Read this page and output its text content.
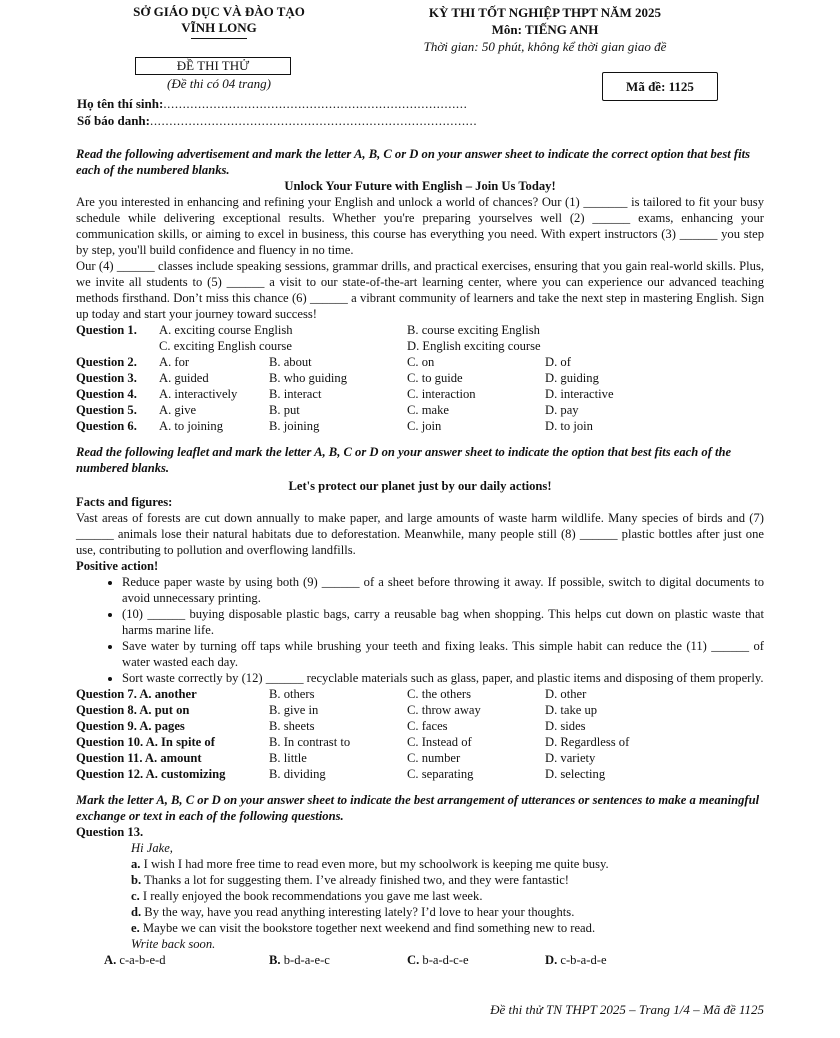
SỞ GIÁO DỤC VÀ ĐÀO TẠO
VĨNH LONG
KỲ THI TỐT NGHIỆP THPT NĂM 2025
Môn: TIẾNG ANH
Thời gian: 50 phút, không kể thời gian giao đề
ĐỀ THI THỬ
(Đề thi có 04 trang)	Mã đề: 1125
Họ tên thí sinh:...............................................................................
Số báo danh:.....................................................................................
Read the following advertisement and mark the letter A, B, C or D on your answer sheet to indicate the correct option that best fits each of the numbered blanks.
Unlock Your Future with English – Join Us Today!

Are you interested in enhancing and refining your English and unlock a world of chances? Our (1) _______ is tailored to fit your busy schedule while delivering exceptional results. Whether you're preparing yourselves well (2) ______ exams, enhancing your communication skills, or aiming to excel in business, this course has everything you need. With expert instructors (3) ______ you step by step, you'll build confidence and fluency in no time.

Our (4) ______ classes include speaking sessions, grammar drills, and practical exercises, ensuring that you gain real-world skills. Plus, we invite all students to (5) ______ a visit to our state-of-the-art learning center, where you can experience our advanced teaching methods firsthand. Don’t miss this chance (6) ______ a vibrant community of learners and take the next step in mastering English. Sign up today and start your journey toward success!

Question 1.	A. exciting course English	B. course exciting English
C. exciting English course	D. English exciting course
Question 2.	A. for	B. about	C. on	D. of
Question 3.	A. guided	B. who guiding	C. to guide	D. guiding
Question 4.	A. interactively	B. interact	C. interaction	D. interactive
Question 5.	A. give	B. put	C. make	D. pay
Question 6.	A. to joining	B. joining	C. join	D. to join
Read the following leaflet and mark the letter A, B, C or D on your answer sheet to indicate the option that best fits each of the numbered blanks.
Let's protect our planet just by our daily actions!
Facts and figures:

Vast areas of forests are cut down annually to make paper, and large amounts of waste harm wildlife. Many species of birds and (7) ______ animals lose their natural habitats due to deforestation. Meanwhile, many people still (8) ______ plastic bottles after just one use, contributing to pollution and overflowing landfills.

Positive action!
• Reduce paper waste by using both (9) ______ of a sheet before throwing it away. If possible, switch to digital documents to avoid unnecessary printing.
• (10) ______ buying disposable plastic bags, carry a reusable bag when shopping. This helps cut down on plastic waste that harms marine life.
• Save water by turning off taps while brushing your teeth and fixing leaks. This simple habit can reduce the (11) ______ of water wasted each day.
• Sort waste correctly by (12) ______ recyclable materials such as glass, paper, and plastic items and disposing of them properly.
Question 7. A. another	B. others	C. the others	D. other
Question 8. A. put on	B. give in	C. throw away	D. take up
Question 9. A. pages	B. sheets	C. faces	D. sides
Question 10. A. In spite of	B. In contrast to	C. Instead of	D. Regardless of
Question 11. A. amount	B. little	C. number	D. variety
Question 12. A. customizing	B. dividing	C. separating	D. selecting
Mark the letter A, B, C or D on your answer sheet to indicate the best arrangement of utterances or sentences to make a meaningful exchange or text in each of the following questions.
Question 13.
Hi Jake,
a. I wish I had more free time to read even more, but my schoolwork is keeping me quite busy.
b. Thanks a lot for suggesting them. I’ve already finished two, and they were fantastic!
c. I really enjoyed the book recommendations you gave me last week.
d. By the way, have you read anything interesting lately? I’d love to hear your thoughts.
e. Maybe we can visit the bookstore together next weekend and find something new to read.
Write back soon.
A. c-a-b-e-d	B. b-d-a-e-c	C. b-a-d-c-e	D. c-b-a-d-e
Đề thi thử TN THPT 2025 – Trang 1/4 – Mã đề 1125
